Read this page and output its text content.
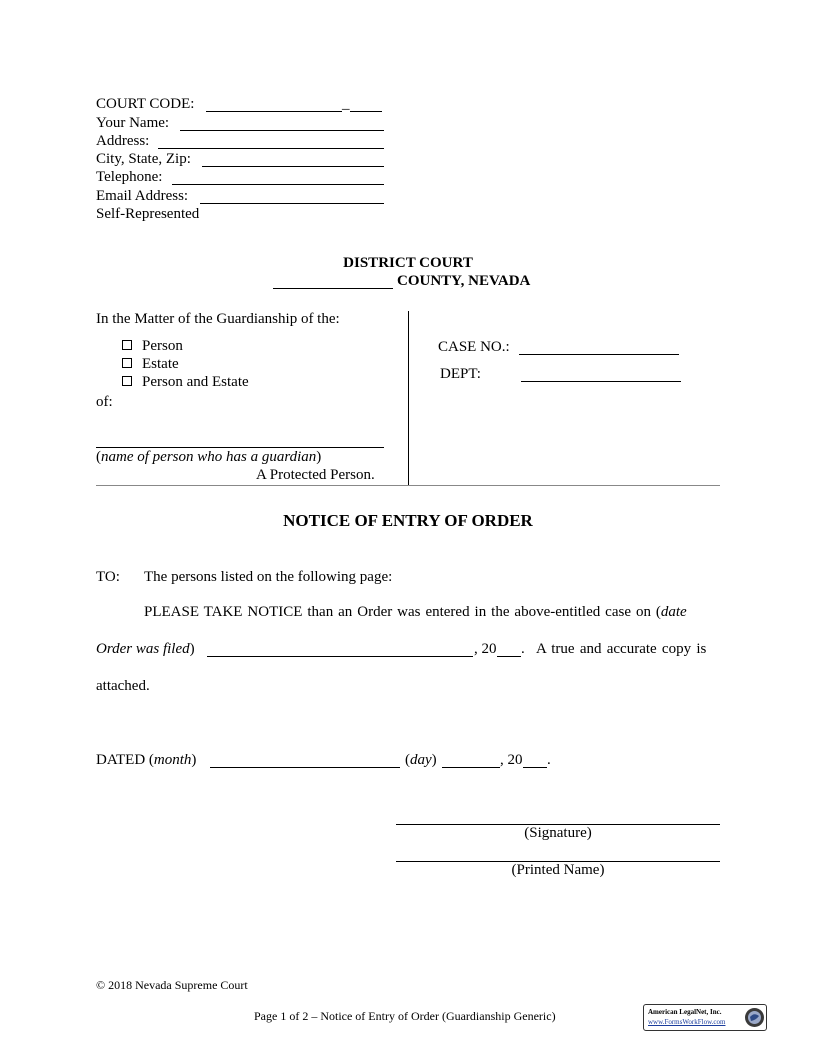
COURT CODE:	_
Your Name:
Address:
City, State, Zip:
Telephone:
Email Address:
Self-Represented
DISTRICT COURT
COUNTY, NEVADA
In the Matter of the Guardianship of the:
Person
Estate
Person and Estate
of:
(name of person who has a guardian)
A Protected Person.
CASE NO.:
DEPT:
NOTICE OF ENTRY OF ORDER
TO: The persons listed on the following page:
PLEASE TAKE NOTICE than an Order was entered in the above-entitled case on (date
Order was filed)	, 20 . A true and accurate copy is
attached.
DATED (month)	(day)	, 20 .
(Signature)
(Printed Name)
© 2018 Nevada Supreme Court
Page 1 of 2 – Notice of Entry of Order (Guardianship Generic)	American LegalNet, Inc.
www.FormsWorkFlow.com
